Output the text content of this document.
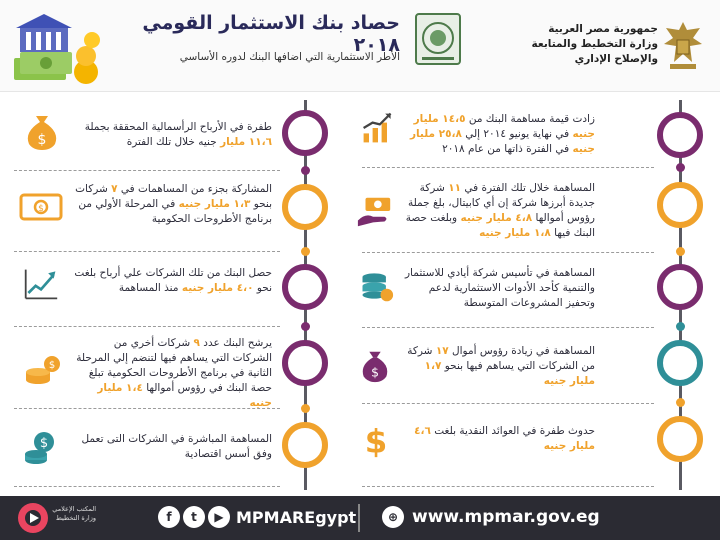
حصاد بنك الاستثمار القومي ٢٠١٨
الأطر الاستثمارية التي اضافها البنك لدوره الأساسي
جمهورية مصر العربية
وزارة التخطيط والمتابعة
والإصلاح الإداري
زادت قيمة مساهمة البنك من ١٤،٥ مليار جنيه في نهاية يونيو ٢٠١٤ إلي ٢٥،٨ مليار جنيه في الفترة ذاتها من عام ٢٠١٨
المساهمة خلال تلك الفترة في ١١ شركة جديدة أبرزها شركة إن أي كابيتال، بلغ جملة رؤوس أموالها ٤،٨ مليار جنيه وبلغت حصة البنك فيها ١،٨ مليار جنيه
المساهمة في تأسيس شركة أيادي للاستثمار والتنمية كأحد الأدوات الاستثمارية لدعم وتحفيز المشروعات المتوسطة
المساهمة في زيادة رؤوس أموال ١٧ شركة من الشركات التي يساهم فيها بنحو ١،٧ مليار جنيه
حدوث طفرة في العوائد النقدية بلغت ٤،٦ مليار جنيه
$
$
طفرة في الأرباح الرأسمالية المحققة بجملة ١١،٦ مليار جنيه خلال تلك الفترة
المشاركة بجزء من المساهمات في ٧ شركات بنحو ١،٣ مليار جنيه في المرحلة الأولي من برنامج الأطروحات الحكومية
حصل البنك من تلك الشركات علي أرباح بلغت نحو ٤،٠ مليار جنيه منذ المساهمة
يرشح البنك عدد ٩ شركات أخري من الشركات التي يساهم فيها لتنضم إلي المرحلة الثانية في برنامج الأطروحات الحكومية تبلغ حصة البنك في رؤوس أموالها ١،٤ مليار جنيه
المساهمة المباشرة في الشركات التى تعمل وفق أسس اقتصادية
$
$
$
$
المكتب الإعلامي وزارة التخطيط	f	t	▶ MPMAREgypt	⊕ www.mpmar.gov.eg
